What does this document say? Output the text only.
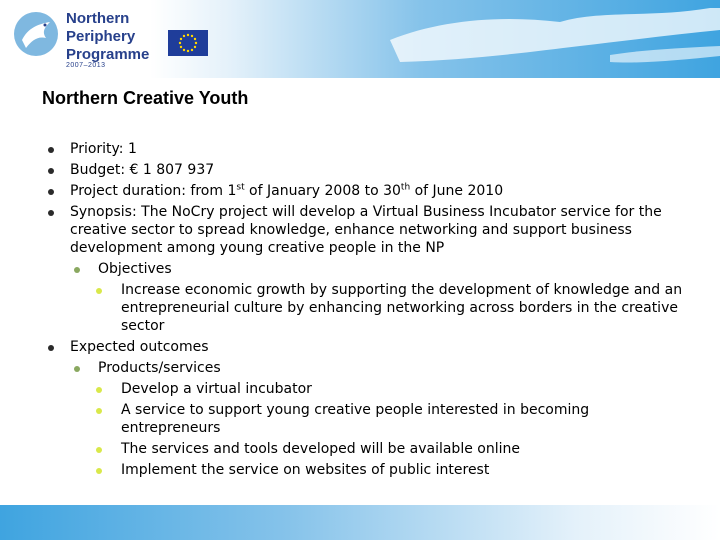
Northern
Periphery
Programme
2007–2013
Northern Creative Youth
Priority: 1
Budget: € 1 807 937
Project duration: from 1st of January 2008 to 30th of June 2010
Synopsis: The NoCry project will develop a Virtual Business Incubator service for the creative sector to spread knowledge, enhance networking and support business development among young creative people in the NP
Objectives
Increase economic growth by supporting the development of knowledge and an entrepreneurial culture by enhancing networking across borders in the creative sector
Expected outcomes
Products/services
Develop a virtual incubator
A service to support young creative people interested in becoming entrepreneurs
The services and tools developed will be available online
Implement the service on websites of public interest
